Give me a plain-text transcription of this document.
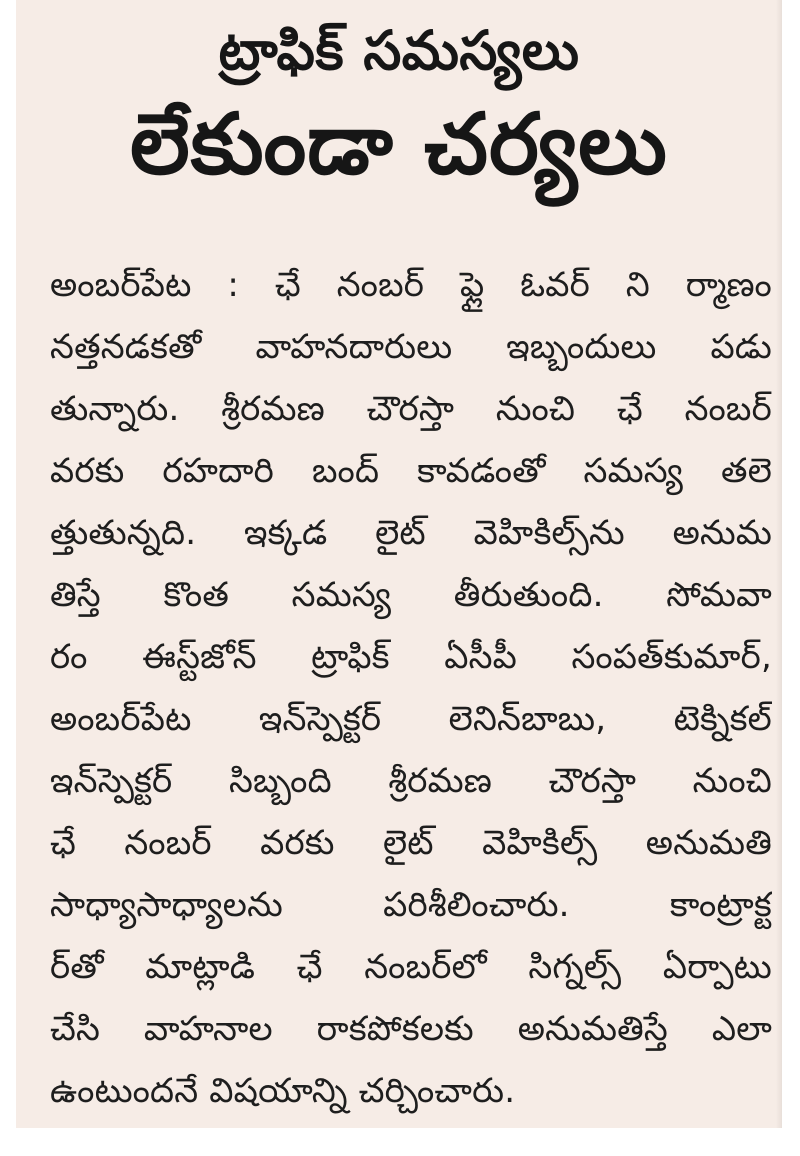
ట్రాఫిక్ సమస్యలు
లేకుండా చర్యలు
అంబర్‌పేట : ఛే నంబర్ ఫ్లై ఓవర్ ని ర్మాణం
నత్తనడకతో వాహనదారులు ఇబ్బందులు పడు
తున్నారు. శ్రీరమణ చౌరస్తా నుంచి ఛే నంబర్
వరకు రహదారి బంద్ కావడంతో సమస్య తలె
త్తుతున్నది. ఇక్కడ లైట్ వెహికిల్స్‌ను అనుమ
తిస్తే కొంత సమస్య తీరుతుంది. సోమవా
రం ఈస్ట్‌జోన్ ట్రాఫిక్ ఏసీపీ సంపత్‌కుమార్,
అంబర్‌పేట ఇన్‌స్పెక్టర్ లెనిన్‌బాబు, టెక్నికల్
ఇన్‌స్పెక్టర్ సిబ్బంది శ్రీరమణ చౌరస్తా నుంచి
ఛే నంబర్ వరకు లైట్ వెహికిల్స్ అనుమతి
సాధ్యాసాధ్యాలను పరిశీలించారు. కాంట్రాక్ట
ర్‌తో మాట్లాడి ఛే నంబర్‌లో సిగ్నల్స్ ఏర్పాటు
చేసి వాహనాల రాకపోకలకు అనుమతిస్తే ఎలా
ఉంటుందనే విషయాన్ని చర్చించారు.
